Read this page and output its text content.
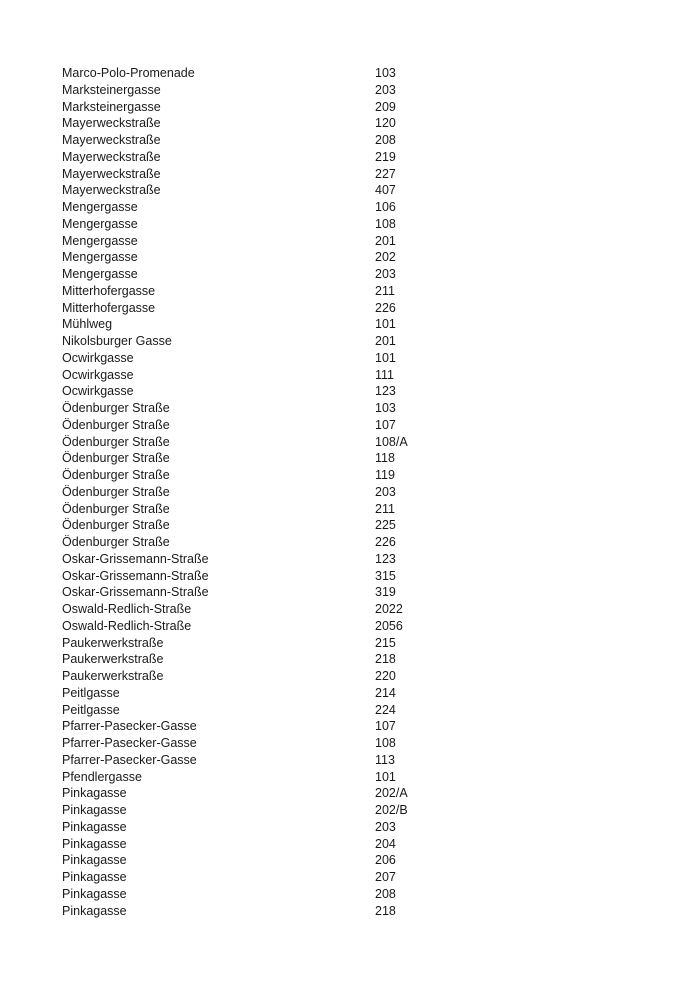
Marco-Polo-Promenade	103
Marksteinergasse	203
Marksteinergasse	209
Mayerweckstraße	120
Mayerweckstraße	208
Mayerweckstraße	219
Mayerweckstraße	227
Mayerweckstraße	407
Mengergasse	106
Mengergasse	108
Mengergasse	201
Mengergasse	202
Mengergasse	203
Mitterhofergasse	211
Mitterhofergasse	226
Mühlweg	101
Nikolsburger Gasse	201
Ocwirkgasse	101
Ocwirkgasse	111
Ocwirkgasse	123
Ödenburger Straße	103
Ödenburger Straße	107
Ödenburger Straße	108/A
Ödenburger Straße	118
Ödenburger Straße	119
Ödenburger Straße	203
Ödenburger Straße	211
Ödenburger Straße	225
Ödenburger Straße	226
Oskar-Grissemann-Straße	123
Oskar-Grissemann-Straße	315
Oskar-Grissemann-Straße	319
Oswald-Redlich-Straße	2022
Oswald-Redlich-Straße	2056
Paukerwerkstraße	215
Paukerwerkstraße	218
Paukerwerkstraße	220
Peitlgasse	214
Peitlgasse	224
Pfarrer-Pasecker-Gasse	107
Pfarrer-Pasecker-Gasse	108
Pfarrer-Pasecker-Gasse	113
Pfendlergasse	101
Pinkagasse	202/A
Pinkagasse	202/B
Pinkagasse	203
Pinkagasse	204
Pinkagasse	206
Pinkagasse	207
Pinkagasse	208
Pinkagasse	218
